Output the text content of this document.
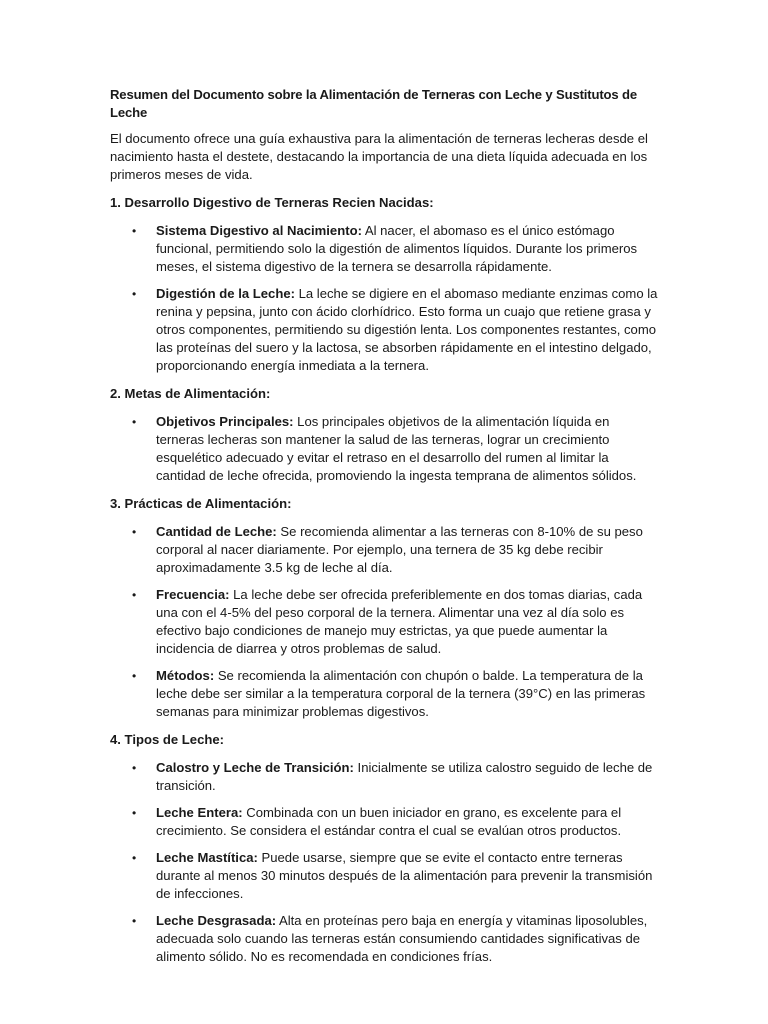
Resumen del Documento sobre la Alimentación de Terneras con Leche y Sustitutos de Leche

El documento ofrece una guía exhaustiva para la alimentación de terneras lecheras desde el nacimiento hasta el destete, destacando la importancia de una dieta líquida adecuada en los primeros meses de vida.

1. Desarrollo Digestivo de Terneras Recien Nacidas:

• Sistema Digestivo al Nacimiento: Al nacer, el abomaso es el único estómago funcional, permitiendo solo la digestión de alimentos líquidos. Durante los primeros meses, el sistema digestivo de la ternera se desarrolla rápidamente.
• Digestión de la Leche: La leche se digiere en el abomaso mediante enzimas como la renina y pepsina, junto con ácido clorhídrico. Esto forma un cuajo que retiene grasa y otros componentes, permitiendo su digestión lenta. Los componentes restantes, como las proteínas del suero y la lactosa, se absorben rápidamente en el intestino delgado, proporcionando energía inmediata a la ternera.

2. Metas de Alimentación:

• Objetivos Principales: Los principales objetivos de la alimentación líquida en terneras lecheras son mantener la salud de las terneras, lograr un crecimiento esquelético adecuado y evitar el retraso en el desarrollo del rumen al limitar la cantidad de leche ofrecida, promoviendo la ingesta temprana de alimentos sólidos.

3. Prácticas de Alimentación:

• Cantidad de Leche: Se recomienda alimentar a las terneras con 8-10% de su peso corporal al nacer diariamente. Por ejemplo, una ternera de 35 kg debe recibir aproximadamente 3.5 kg de leche al día.
• Frecuencia: La leche debe ser ofrecida preferiblemente en dos tomas diarias, cada una con el 4-5% del peso corporal de la ternera. Alimentar una vez al día solo es efectivo bajo condiciones de manejo muy estrictas, ya que puede aumentar la incidencia de diarrea y otros problemas de salud.
• Métodos: Se recomienda la alimentación con chupón o balde. La temperatura de la leche debe ser similar a la temperatura corporal de la ternera (39°C) en las primeras semanas para minimizar problemas digestivos.

4. Tipos de Leche:

• Calostro y Leche de Transición: Inicialmente se utiliza calostro seguido de leche de transición.
• Leche Entera: Combinada con un buen iniciador en grano, es excelente para el crecimiento. Se considera el estándar contra el cual se evalúan otros productos.
• Leche Mastítica: Puede usarse, siempre que se evite el contacto entre terneras durante al menos 30 minutos después de la alimentación para prevenir la transmisión de infecciones.
• Leche Desgrasada: Alta en proteínas pero baja en energía y vitaminas liposolubles, adecuada solo cuando las terneras están consumiendo cantidades significativas de alimento sólido. No es recomendada en condiciones frías.
